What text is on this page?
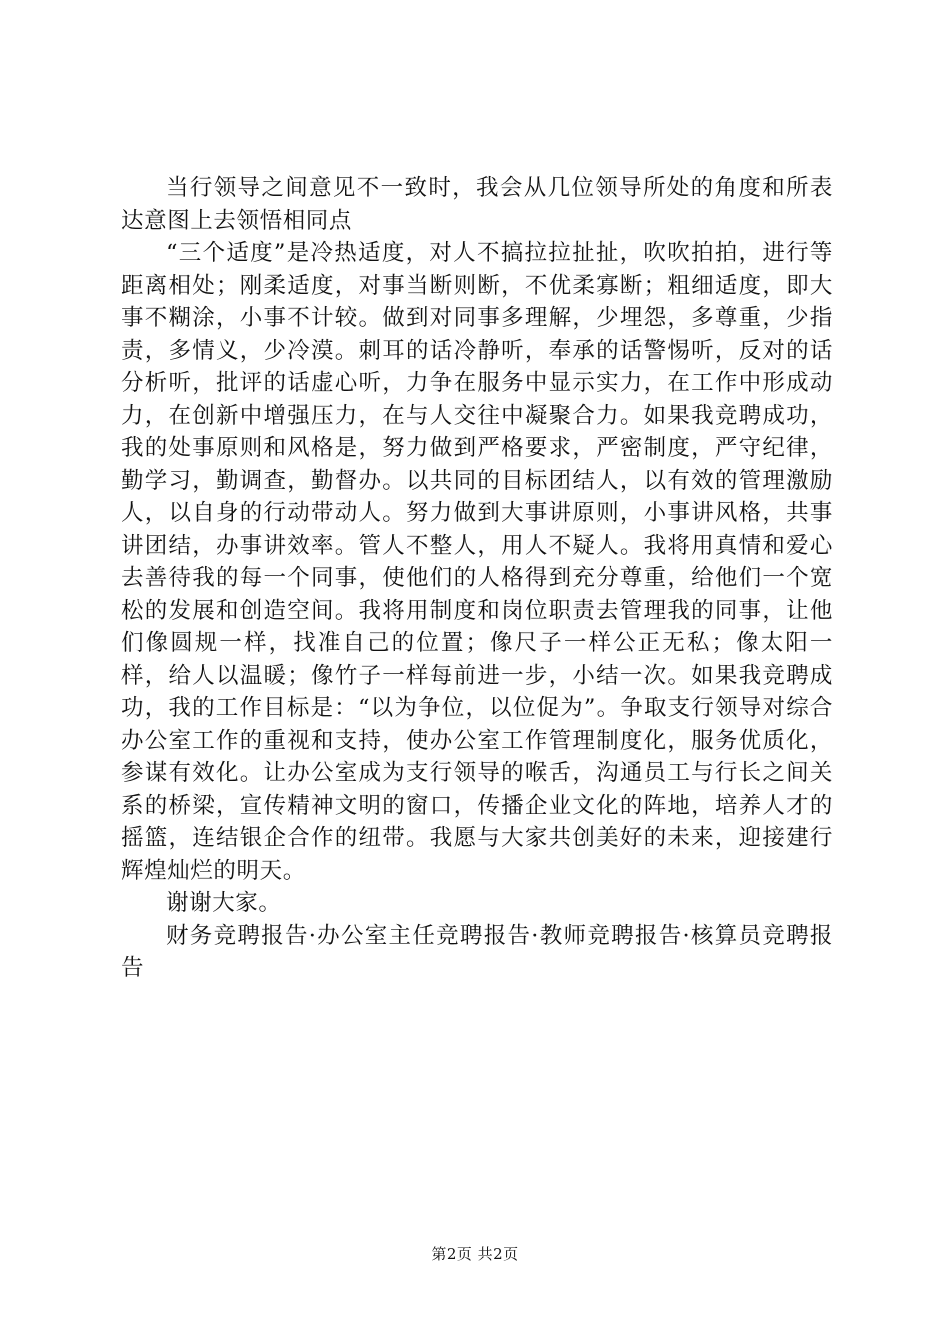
当行领导之间意见不一致时，我会从几位领导所处的角度和所表达意图上去领悟相同点

“三个适度”是冷热适度，对人不搞拉拉扯扯，吹吹拍拍，进行等距离相处；刚柔适度，对事当断则断，不优柔寡断；粗细适度，即大事不糊涂，小事不计较。做到对同事多理解，少埋怨，多尊重，少指责，多情义，少冷漠。刺耳的话冷静听，奉承的话警惕听，反对的话分析听，批评的话虚心听，力争在服务中显示实力，在工作中形成动力，在创新中增强压力，在与人交往中凝聚合力。如果我竞聘成功，我的处事原则和风格是，努力做到严格要求，严密制度，严守纪律，勤学习，勤调查，勤督办。以共同的目标团结人，以有效的管理激励人，以自身的行动带动人。努力做到大事讲原则，小事讲风格，共事讲团结，办事讲效率。管人不整人，用人不疑人。我将用真情和爱心去善待我的每一个同事，使他们的人格得到充分尊重，给他们一个宽松的发展和创造空间。我将用制度和岗位职责去管理我的同事，让他们像圆规一样，找准自己的位置；像尺子一样公正无私；像太阳一样，给人以温暖；像竹子一样每前进一步，小结一次。如果我竞聘成功，我的工作目标是：“以为争位，以位促为”。争取支行领导对综合办公室工作的重视和支持，使办公室工作管理制度化，服务优质化，参谋有效化。让办公室成为支行领导的喉舌，沟通员工与行长之间关系的桥梁，宣传精神文明的窗口，传播企业文化的阵地，培养人才的摇篮，连结银企合作的纽带。我愿与大家共创美好的未来，迎接建行辉煌灿烂的明天。

谢谢大家。

财务竞聘报告·办公室主任竞聘报告·教师竞聘报告·核算员竞聘报告

第2页 共2页
